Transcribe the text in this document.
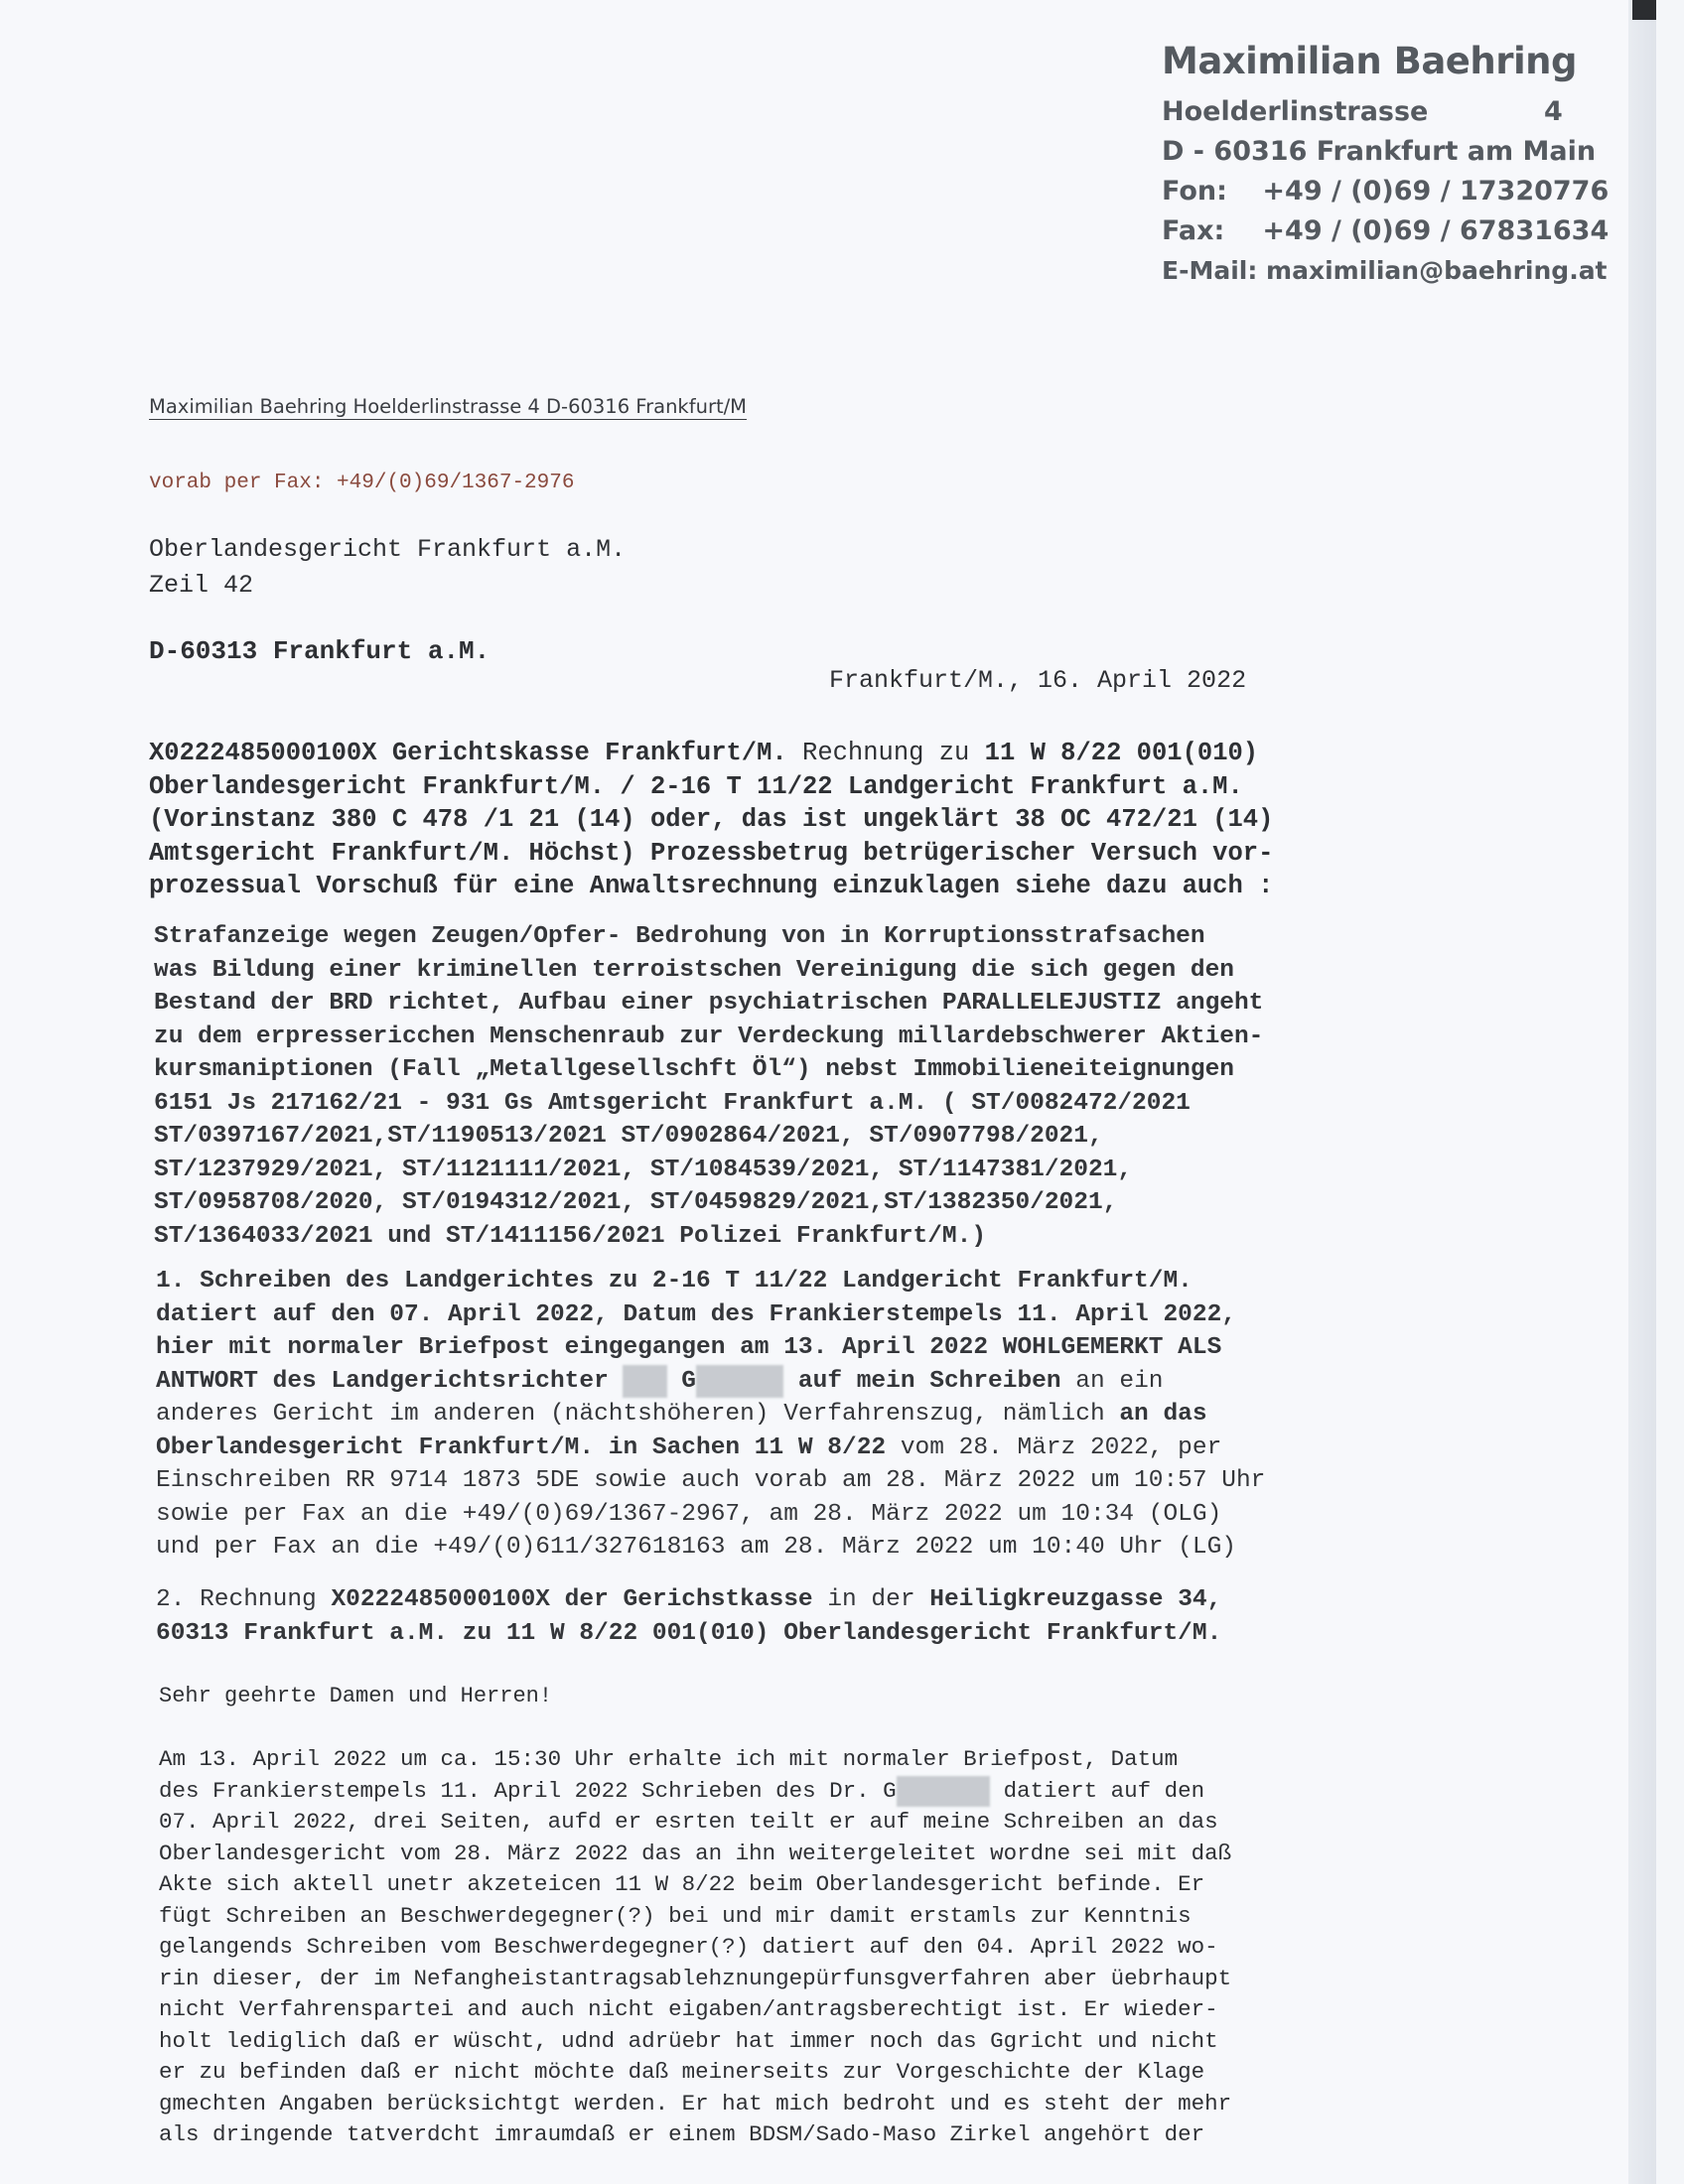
Maximilian Baehring
Hoelderlinstrasse	4
D - 60316 Frankfurt am Main
Fon: +49 / (0)69 / 17320776
Fax: +49 / (0)69 / 67831634
E-Mail: maximilian@baehring.at
Maximilian Baehring Hoelderlinstrasse 4 D-60316 Frankfurt/M
vorab per Fax: +49/(0)69/1367-2976
Oberlandesgericht Frankfurt a.M.
Zeil 42
D-60313 Frankfurt a.M.
Frankfurt/M., 16. April 2022

X0222485000100X Gerichtskasse Frankfurt/M. Rechnung zu 11 W 8/22 001(010)

Oberlandesgericht Frankfurt/M. / 2-16 T 11/22 Landgericht Frankfurt a.M.

(Vorinstanz 380 C 478 /1 21 (14) oder, das ist ungeklärt 38 OC 472/21 (14)

Amtsgericht Frankfurt/M. Höchst) Prozessbetrug betrügerischer Versuch vor-

prozessual Vorschuß für eine Anwaltsrechnung einzuklagen siehe dazu auch :

Strafanzeige wegen Zeugen/Opfer- Bedrohung von in Korruptionsstrafsachen

was Bildung einer kriminellen terroistschen Vereinigung die sich gegen den

Bestand der BRD richtet, Aufbau einer psychiatrischen PARALLELEJUSTIZ angeht

zu dem erpressericchen Menschenraub zur Verdeckung millardebschwerer Aktien-

kursmaniptionen (Fall „Metallgesellschft Öl“) nebst Immobilieneiteignungen

6151 Js 217162/21 - 931 Gs Amtsgericht Frankfurt a.M. ( ST/0082472/2021

ST/0397167/2021,ST/1190513/2021 ST/0902864/2021, ST/0907798/2021,

ST/1237929/2021, ST/1121111/2021, ST/1084539/2021, ST/1147381/2021,

ST/0958708/2020, ST/0194312/2021, ST/0459829/2021,ST/1382350/2021,

ST/1364033/2021 und ST/1411156/2021 Polizei Frankfurt/M.)

1. Schreiben des Landgerichtes zu 2-16 T 11/22 Landgericht Frankfurt/M.

datiert auf den 07. April 2022, Datum des Frankierstempels 11. April 2022,

hier mit normaler Briefpost eingegangen am 13. April 2022 WOHLGEMERKT ALS

ANTWORT des Landgerichtsrichter  G	auf mein Schreiben an ein

anderes Gericht im anderen (nächtshöheren) Verfahrenszug, nämlich an das

Oberlandesgericht Frankfurt/M. in Sachen 11 W 8/22 vom 28. März 2022, per

Einschreiben RR 9714 1873 5DE sowie auch vorab am 28. März 2022 um 10:57 Uhr

sowie per Fax an die +49/(0)69/1367-2967, am 28. März 2022 um 10:34 (OLG)

und per Fax an die +49/(0)611/327618163 am 28. März 2022 um 10:40 Uhr (LG)

2. Rechnung X0222485000100X der Gerichstkasse in der Heiligkreuzgasse 34,

60313 Frankfurt a.M. zu 11 W 8/22 001(010) Oberlandesgericht Frankfurt/M.

Sehr geehrte Damen und Herren!

Am 13. April 2022 um ca. 15:30 Uhr erhalte ich mit normaler Briefpost, Datum

des Frankierstempels 11. April 2022 Schrieben des Dr. G	datiert auf den

07. April 2022, drei Seiten, aufd er esrten teilt er auf meine Schreiben an das

Oberlandesgericht vom 28. März 2022 das an ihn weitergeleitet wordne sei mit daß

Akte sich aktell unetr akzeteicen 11 W 8/22 beim Oberlandesgericht befinde. Er

fügt Schreiben an Beschwerdegegner(?) bei und mir damit erstamls zur Kenntnis

gelangends Schreiben vom Beschwerdegegner(?) datiert auf den 04. April 2022 wo-

rin dieser, der im Nefangheistantragsablehznungepürfunsgverfahren aber üebrhaupt

nicht Verfahrenspartei and auch nicht eigaben/antragsberechtigt ist. Er wieder-

holt lediglich daß er wüscht, udnd adrüebr hat immer noch das Ggricht und nicht

er zu befinden daß er nicht möchte daß meinerseits zur Vorgeschichte der Klage

gmechten Angaben berücksichtgt werden. Er hat mich bedroht und es steht der mehr

als dringende tatverdcht imraumdaß er einem BDSM/Sado-Maso Zirkel angehört der
